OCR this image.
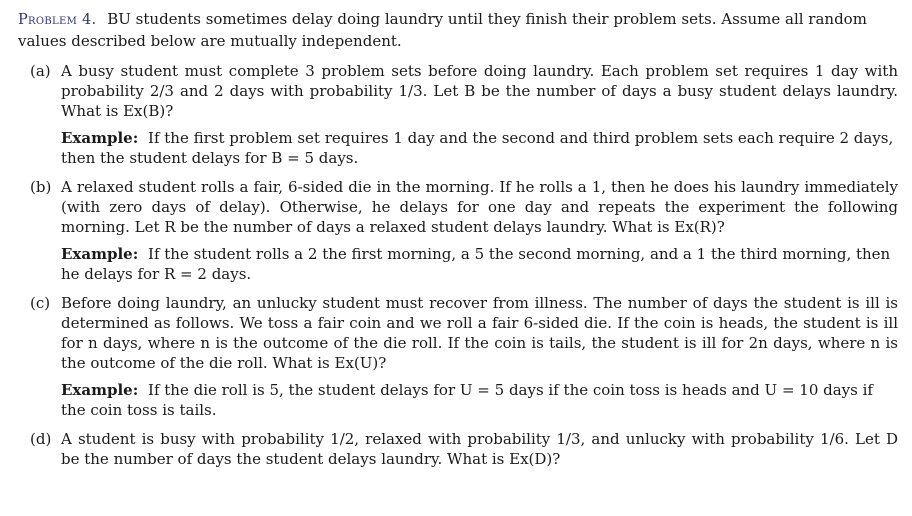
Problem 4. BU students sometimes delay doing laundry until they finish their problem sets. Assume all random values described below are mutually independent.

(a) A busy student must complete 3 problem sets before doing laundry. Each problem set requires 1 day with probability 2/3 and 2 days with probability 1/3. Let B be the number of days a busy student delays laundry. What is Ex(B)?

Example: If the first problem set requires 1 day and the second and third problem sets each require 2 days, then the student delays for B = 5 days.

(b) A relaxed student rolls a fair, 6-sided die in the morning. If he rolls a 1, then he does his laundry immediately (with zero days of delay). Otherwise, he delays for one day and repeats the experiment the following morning. Let R be the number of days a relaxed student delays laundry. What is Ex(R)?

Example: If the student rolls a 2 the first morning, a 5 the second morning, and a 1 the third morning, then he delays for R = 2 days.

(c) Before doing laundry, an unlucky student must recover from illness. The number of days the student is ill is determined as follows. We toss a fair coin and we roll a fair 6-sided die. If the coin is heads, the student is ill for n days, where n is the outcome of the die roll. If the coin is tails, the student is ill for 2n days, where n is the outcome of the die roll. What is Ex(U)?

Example: If the die roll is 5, the student delays for U = 5 days if the coin toss is heads and U = 10 days if the coin toss is tails.

(d) A student is busy with probability 1/2, relaxed with probability 1/3, and unlucky with probability 1/6. Let D be the number of days the student delays laundry. What is Ex(D)?
